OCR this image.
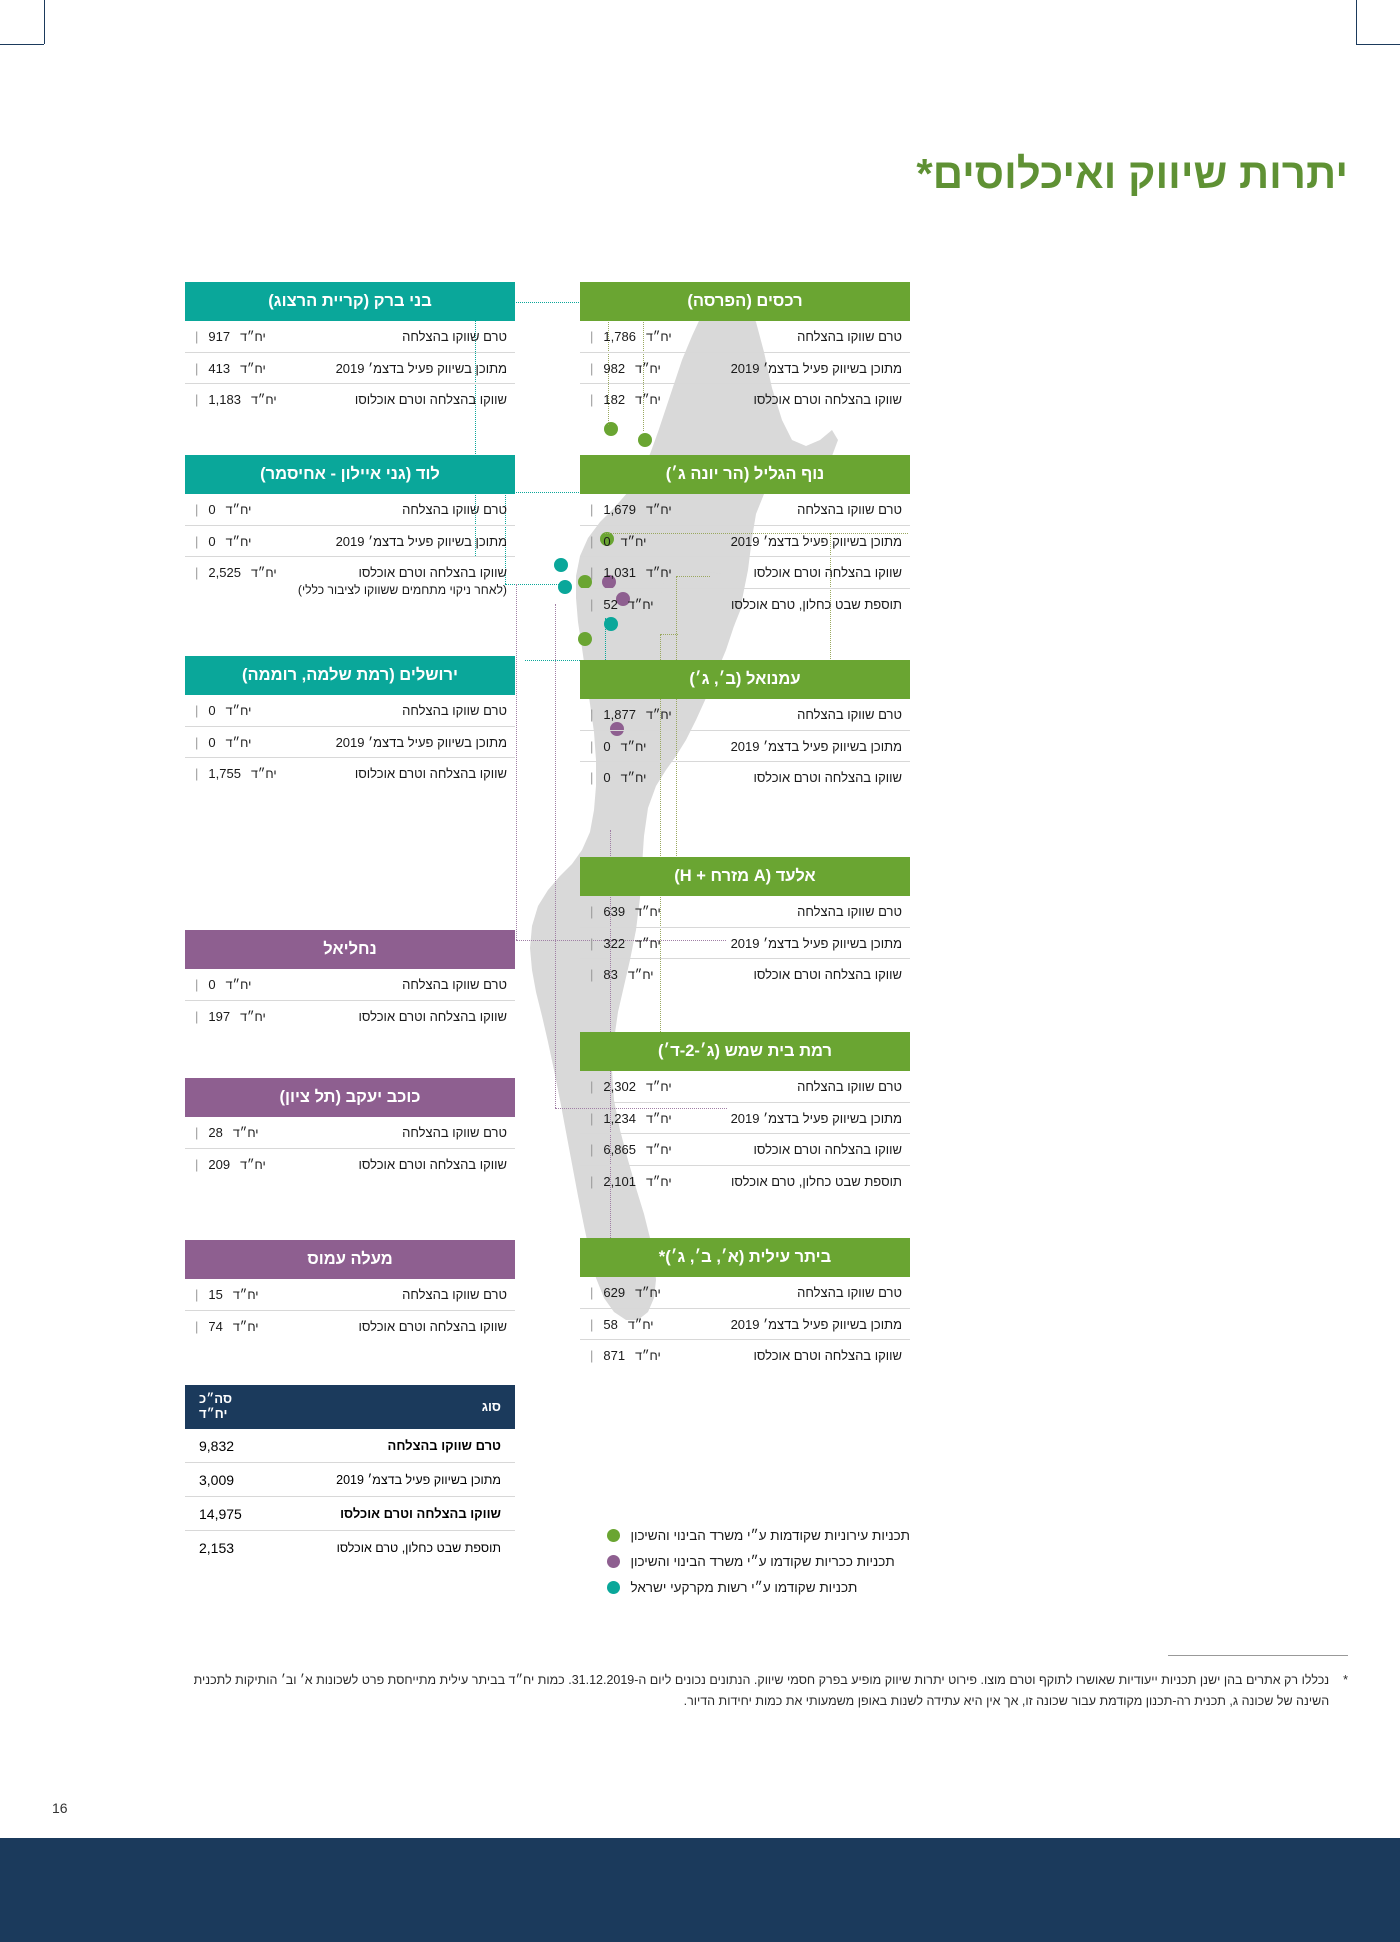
יתרות שיווק ואיכלוסים*
רכסים (הפרסה)
טרם שווקו בהצלחה
יח״ד
1,786
|
מתוכן בשיווק פעיל בדצמ׳ 2019
יח״ד
982
|
שווקו בהצלחה וטרם אוכלסו
יח״ד
182
|
נוף הגליל (הר יונה ג׳)
טרם שווקו בהצלחה
יח״ד
1,679
|
מתוכן בשיווק פעיל בדצמ׳ 2019
יח״ד
0
|
שווקו בהצלחה וטרם אוכלסו
יח״ד
1,031
|
תוספת שבט כחלון, טרם אוכלסו
יח״ד
52
|
עמנואל (ב׳, ג׳)
טרם שווקו בהצלחה
יח״ד
1,877
|
מתוכן בשיווק פעיל בדצמ׳ 2019
יח״ד
0
|
שווקו בהצלחה וטרם אוכלסו
יח״ד
0
|
אלעד (A מזרח + H)
טרם שווקו בהצלחה
יח״ד
639
|
מתוכן בשיווק פעיל בדצמ׳ 2019
יח״ד
322
|
שווקו בהצלחה וטרם אוכלסו
יח״ד
83
|
רמת בית שמש (ג׳-2-ד׳)
טרם שווקו בהצלחה
יח״ד
2,302
|
מתוכן בשיווק פעיל בדצמ׳ 2019
יח״ד
1,234
|
שווקו בהצלחה וטרם אוכלסו
יח״ד
6,865
|
תוספת שבט כחלון, טרם אוכלסו
יח״ד
2,101
|
ביתר עילית (א׳, ב׳, ג׳)*
טרם שווקו בהצלחה
יח״ד
629
|
מתוכן בשיווק פעיל בדצמ׳ 2019
יח״ד
58
|
שווקו בהצלחה וטרם אוכלסו
יח״ד
871
|
בני ברק (קריית הרצוג)
טרם שווקו בהצלחה
יח״ד
917
|
מתוכן בשיווק פעיל בדצמ׳ 2019
יח״ד
413
|
שווקו בהצלחה וטרם אוכלוסו
יח״ד
1,183
|
לוד (גני איילון - אחיסמר)
טרם שווקו בהצלחה
יח״ד
0
|
מתוכן בשיווק פעיל בדצמ׳ 2019
יח״ד
0
|
שווקו בהצלחה וטרם אוכלסו
(לאחר ניקוי מתחמים ששווקו לציבור כללי)
יח״ד
2,525
|
ירושלים (רמת שלמה, רוממה)
טרם שווקו בהצלחה
יח״ד
0
|
מתוכן בשיווק פעיל בדצמ׳ 2019
יח״ד
0
|
שווקו בהצלחה וטרם אוכלוסו
יח״ד
1,755
|
נחליאל
טרם שווקו בהצלחה
יח״ד
0
|
שווקו בהצלחה וטרם אוכלסו
יח״ד
197
|
כוכב יעקב (תל ציון)
טרם שווקו בהצלחה
יח״ד
28
|
שווקו בהצלחה וטרם אוכלסו
יח״ד
209
|
מעלה עמוס
טרם שווקו בהצלחה
יח״ד
15
|
שווקו בהצלחה וטרם אוכלסו
יח״ד
74
|
סוג
סה״כ
יח״ד
טרם שווקו בהצלחה
9,832
מתוכן בשיווק פעיל בדצמ׳ 2019
3,009
שווקו בהצלחה וטרם אוכלסו
14,975
תוספת שבט כחלון, טרם אוכלסו
2,153
תכניות עירוניות שקודמות ע״י משרד הבינוי והשיכון
תכניות ככריות שקודמו ע״י משרד הבינוי והשיכון
תכניות שקודמו ע״י רשות מקרקעי ישראל
*
נכללו רק אתרים בהן ישנן תכניות ייעודיות שאושרו לתוקף וטרם מוצו. פירוט יתרות שיווק מופיע בפרק חסמי שיווק. הנתונים נכונים ליום ה-31.12.2019. כמות יח״ד בביתר עילית מתייחסת פרט לשכונות א׳ וב׳ הותיקות לתכנית השינה של שכונה ג, תכנית רה-תכנון מקודמת עבור שכונה זו, אך אין היא עתידה לשנות באופן משמעותי את כמות יחידות הדיור.
16
